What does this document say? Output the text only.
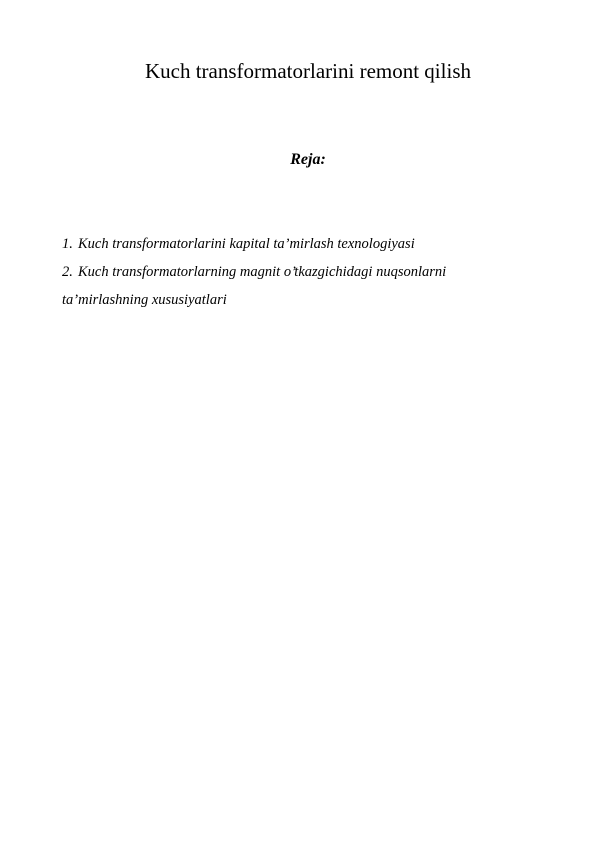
Kuch transformatorlarini remont qilish
Reja:
1. Kuch transformatorlarini kapital ta’mirlash texnologiyasi
2. Kuch transformatorlarning magnit o’tkazgichidagi nuqsonlarni
ta’mirlashning xususiyatlari
